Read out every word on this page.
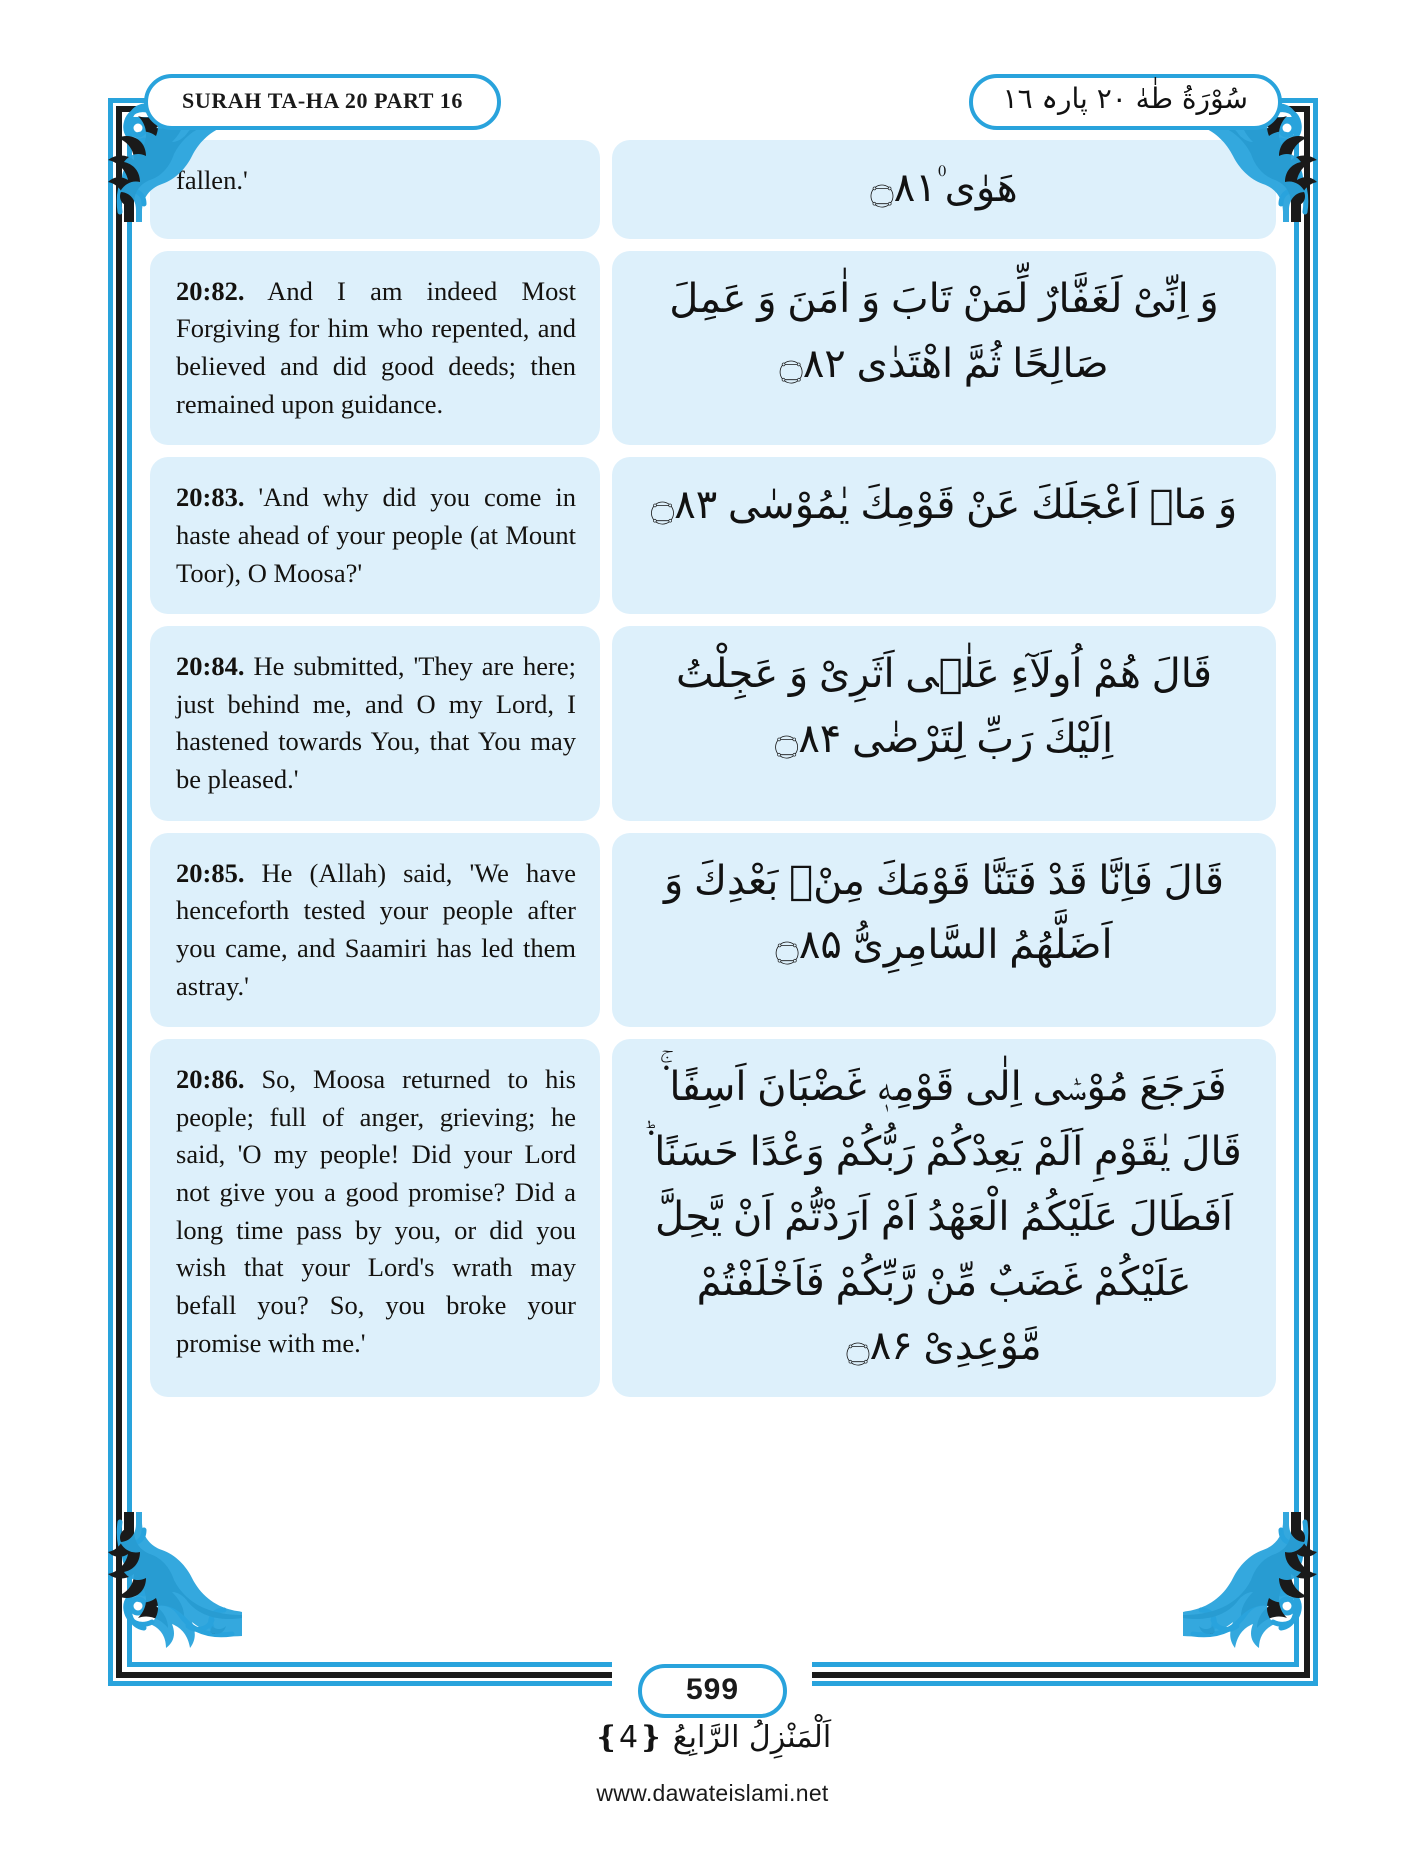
SURAH TA-HA 20 PART 16	سُوْرَةُ طٰهٰ ٢٠ پارہ ١٦
fallen.'	هَوٰى ۠۝۸۱
20:82. And I am indeed Most Forgiving for him who repented, and believed and did good deeds; then remained upon guidance.
وَ اِنِّیْ لَغَفَّارٌ لِّمَنْ تَابَ وَ اٰمَنَ وَ عَمِلَ صَالِحًا ثُمَّ اهْتَدٰى ۝۸۲
20:83. 'And why did you come in haste ahead of your people (at Mount Toor), O Moosa?'
وَ مَاۤ اَعْجَلَكَ عَنْ قَوْمِكَ یٰمُوْسٰى ۝۸۳
20:84. He submitted, 'They are here; just behind me, and O my Lord, I hastened towards You, that You may be pleased.'
قَالَ هُمْ اُولَآءِ عَلٰۤى اَثَرِیْ وَ عَجِلْتُ اِلَیْكَ رَبِّ لِتَرْضٰى ۝۸۴
20:85. He (Allah) said, 'We have henceforth tested your people after you came, and Saamiri has led them astray.'
قَالَ فَاِنَّا قَدْ فَتَنَّا قَوْمَكَ مِنْۢ بَعْدِكَ وَ اَضَلَّهُمُ السَّامِرِیُّ ۝۸۵
20:86. So, Moosa returned to his people; full of anger, grieving; he said, 'O my people! Did your Lord not give you a good promise? Did a long time pass by you, or did you wish that your Lord's wrath may befall you? So, you broke your promise with me.'
فَرَجَعَ مُوْسٰۤى اِلٰى قَوْمِهٖ غَضْبَانَ اَسِفًا ۬ۚ قَالَ یٰقَوْمِ اَلَمْ یَعِدْكُمْ رَبُّكُمْ وَعْدًا حَسَنًا ۬ؕ اَفَطَالَ عَلَیْكُمُ الْعَهْدُ اَمْ اَرَدْتُّمْ اَنْ یَّحِلَّ عَلَیْكُمْ غَضَبٌ مِّنْ رَّبِّكُمْ فَاَخْلَفْتُمْ مَّوْعِدِیْ ۝۸۶
599
اَلْمَنْزِلُ الرَّابِعُ ❴4❵
www.dawateislami.net
